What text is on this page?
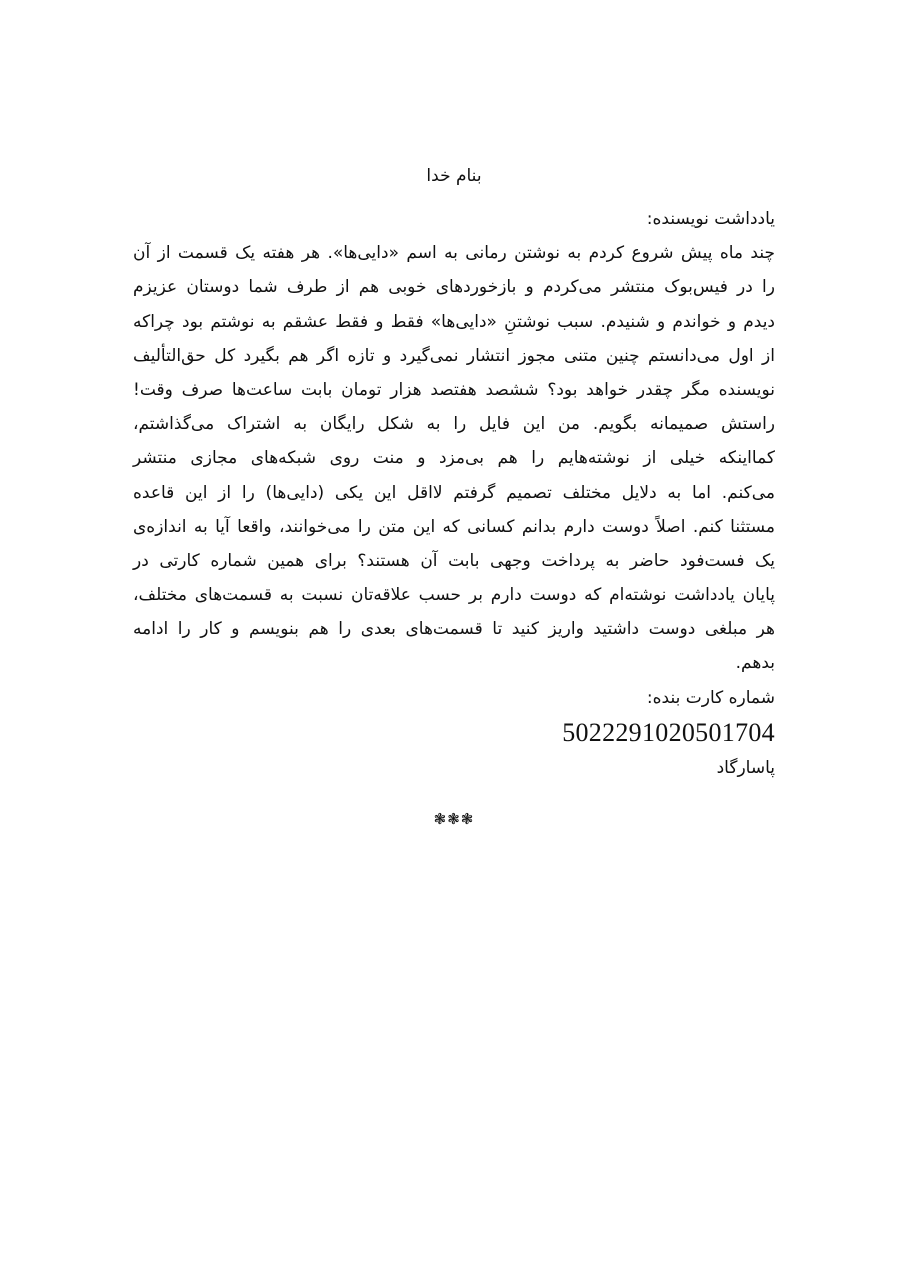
بنام خدا
یادداشت نویسنده:
چند ماه پیش شروع کردم به نوشتن رمانی به اسم «دایی‌ها». هر هفته یک قسمت از آن
را در فیس‌بوک منتشر می‌کردم و بازخوردهای خوبی هم از طرف شما دوستان عزیزم
دیدم و خواندم و شنیدم. سبب نوشتنِ «دایی‌ها» فقط و فقط عشقم به نوشتم بود چراکه
از اول می‌دانستم چنین متنی مجوز انتشار نمی‌گیرد و تازه اگر هم بگیرد کل حق‌التألیف
نویسنده مگر چقدر خواهد بود؟ ششصد هفتصد هزار تومان بابت ساعت‌ها صرف وقت!
راستش صمیمانه بگویم. من این فایل را به شکل رایگان به اشتراک می‌گذاشتم،
کمااینکه خیلی از نوشته‌هایم را هم بی‌مزد و منت روی شبکه‌های مجازی منتشر
می‌کنم. اما به دلایل مختلف تصمیم گرفتم لااقل این یکی (دایی‌ها) را از این قاعده
مستثنا کنم. اصلاً دوست دارم بدانم کسانی که این متن را می‌خوانند، واقعا آیا به اندازه‌ی
یک فست‌فود حاضر به پرداخت وجهی بابت آن هستند؟ برای همین شماره کارتی در
پایان یادداشت نوشته‌ام که دوست دارم بر حسب علاقه‌تان نسبت به قسمت‌های مختلف،
هر مبلغی دوست داشتید واریز کنید تا قسمت‌های بعدی را هم بنویسم و کار را ادامه
بدهم.
شماره کارت بنده:
5022291020501704
پاسارگاد
❃❃❃
